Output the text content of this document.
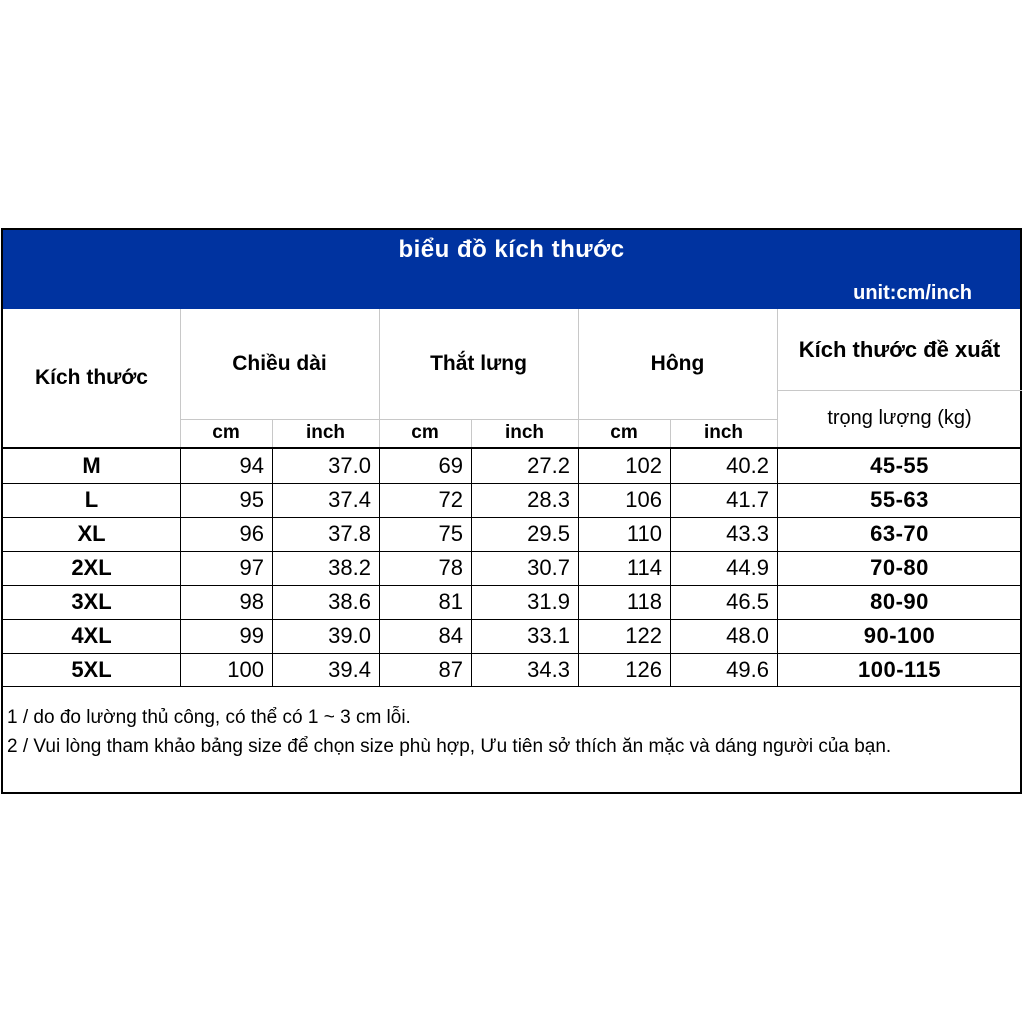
biểu đồ kích thước
unit:cm/inch
Kích thước
Chiều dài	Thắt lưng	Hông
Kích thước đề xuất
trọng lượng (kg)
cm	inch	cm	inch	cm	inch
M	94	37.0	69	27.2	102	40.2	45-55
L	95	37.4	72	28.3	106	41.7	55-63
XL	96	37.8	75	29.5	110	43.3	63-70
2XL	97	38.2	78	30.7	114	44.9	70-80
3XL	98	38.6	81	31.9	118	46.5	80-90
4XL	99	39.0	84	33.1	122	48.0	90-100
5XL	100	39.4	87	34.3	126	49.6	100-115
1 / do đo lường thủ công, có thể có 1 ~ 3 cm lỗi.
2 / Vui lòng tham khảo bảng size để chọn size phù hợp, Ưu tiên sở thích ăn mặc và dáng người của bạn.
